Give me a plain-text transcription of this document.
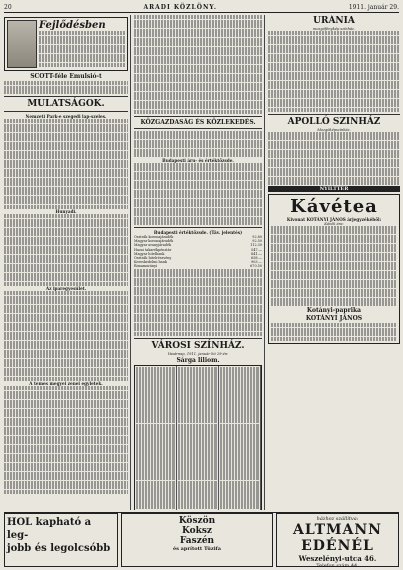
20	ARADI KÖZLÖNY.	1911. január 29.
Fejlődésben
SCOTT-féle Emulsió-t
MULATSÁGOK.
Nemzeti Park-e szegedi lap-szeles.
Hunyadi.
Az iparegyesület.
A temes megyei zenei egyletek.
KÖZGAZDASÁG ÉS KÖZLEKEDÉS.
Budapesti áru- és értéktőzsde.
Budapesti értéktőzsde. (Táv. jelentés)
Osztrák koronajáradék	92.80
Magyar koronajáradék	92.50
Magyar aranyjáradék	112.30
Hazai takarékpénztár	547.—
Magyar hitelbank	841.—
Osztrák hitelrészvény	658.—
Kereskedelmi bank	903.—
Rimamurányi	670.50
VÁROSI SZÍNHÁZ.
Vasárnap, 1911. január hó 29-én:
Sárga liliom.
URÁNIA
mozgófénykép színház.
APOLLÓ SZINHÁZ
Mozgóképszínház.
NYILTTÉR
Kávétea
Kivonat KOTÁNYI JÁNOS árjegyzékéből:
Kávék ára:
Kotányi-paprika
KOTÁNYI JÁNOS
HOL kapható a leg-
jobb és legolcsóbb
Köszön
Koksz
Faszén
és aprított Tüzifa
házhoz szállítva:
ALTMANN EDÉNÉL
Weszelényi-utca 46.
Telefon szám 44.
